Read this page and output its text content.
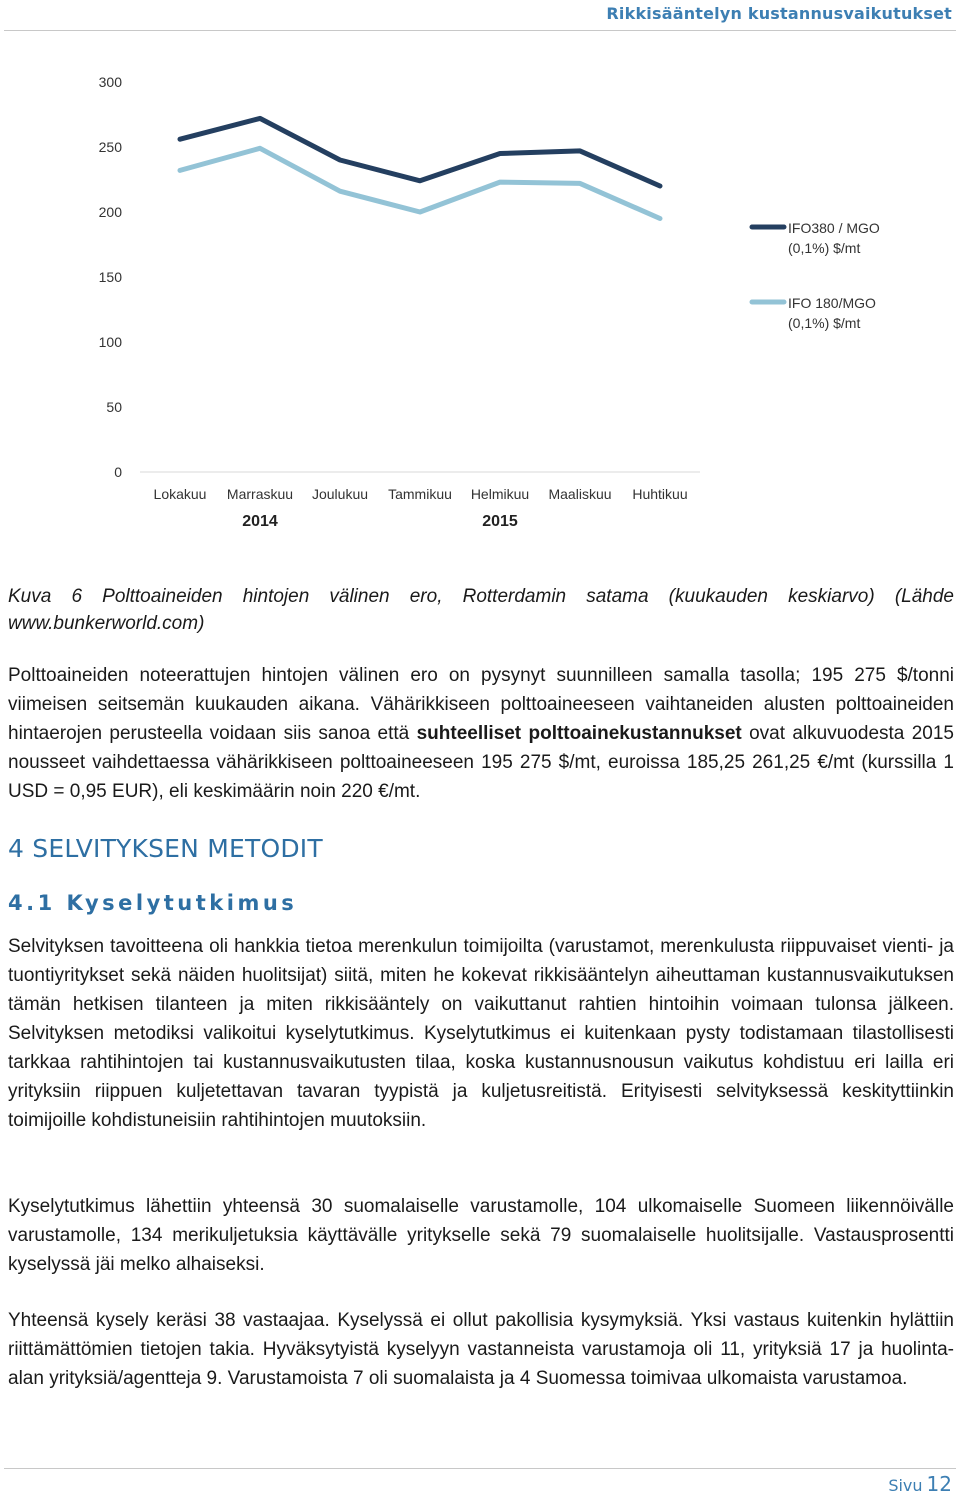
Rikkisääntelyn kustannusvaikutukset
0
50
100
150
200
250
300
Lokakuu Marraskuu Joulukuu Tammikuu Helmikuu Maaliskuu Huhtikuu
2014	2015
IFO380 / MGO
(0,1%) $/mt
IFO 180/MGO
(0,1%) $/mt
Kuva 6 Polttoaineiden hintojen välinen ero, Rotterdamin satama (kuukauden keskiarvo) (Lähde www.bunkerworld.com)

Polttoaineiden noteerattujen hintojen välinen ero on pysynyt suunnilleen samalla tasolla; 195 275 $/tonni viimeisen seitsemän kuukauden aikana. Vähärikkiseen polttoaineeseen vaihtaneiden alusten polttoaineiden hintaerojen perusteella voidaan siis sanoa että suhteelliset polttoainekustannukset ovat alkuvuodesta 2015 nousseet vaihdettaessa vähärikkiseen polttoaineeseen 195 275 $/mt, euroissa 185,25 261,25 €/mt (kurssilla 1 USD = 0,95 EUR), eli keskimäärin noin 220 €/mt.

4 SELVITYKSEN METODIT
4.1 Kyselytutkimus

Selvityksen tavoitteena oli hankkia tietoa merenkulun toimijoilta (varustamot, merenkulusta riippuvaiset vienti- ja tuontiyritykset sekä näiden huolitsijat) siitä, miten he kokevat rikkisääntelyn aiheuttaman kustannusvaikutuksen tämän hetkisen tilanteen ja miten rikkisääntely on vaikuttanut rahtien hintoihin voimaan tulonsa jälkeen. Selvityksen metodiksi valikoitui kyselytutkimus. Kyselytutkimus ei kuitenkaan pysty todistamaan tilastollisesti tarkkaa rahtihintojen tai kustannusvaikutusten tilaa, koska kustannusnousun vaikutus kohdistuu eri lailla eri yrityksiin riippuen kuljetettavan tavaran tyypistä ja kuljetusreitistä. Erityisesti selvityksessä keskityttiinkin toimijoille kohdistuneisiin rahtihintojen muutoksiin.

Kyselytutkimus lähettiin yhteensä 30 suomalaiselle varustamolle, 104 ulkomaiselle Suomeen liikennöivälle varustamolle, 134 merikuljetuksia käyttävälle yritykselle sekä 79 suomalaiselle huolitsijalle. Vastausprosentti kyselyssä jäi melko alhaiseksi.

Yhteensä kysely keräsi 38 vastaajaa. Kyselyssä ei ollut pakollisia kysymyksiä. Yksi vastaus kuitenkin hylättiin riittämättömien tietojen takia. Hyväksytyistä kyselyyn vastanneista varustamoja oli 11, yrityksiä 17 ja huolinta-alan yrityksiä/agentteja 9. Varustamoista 7 oli suomalaista ja 4 Suomessa toimivaa ulkomaista varustamoa.

Sivu 12
